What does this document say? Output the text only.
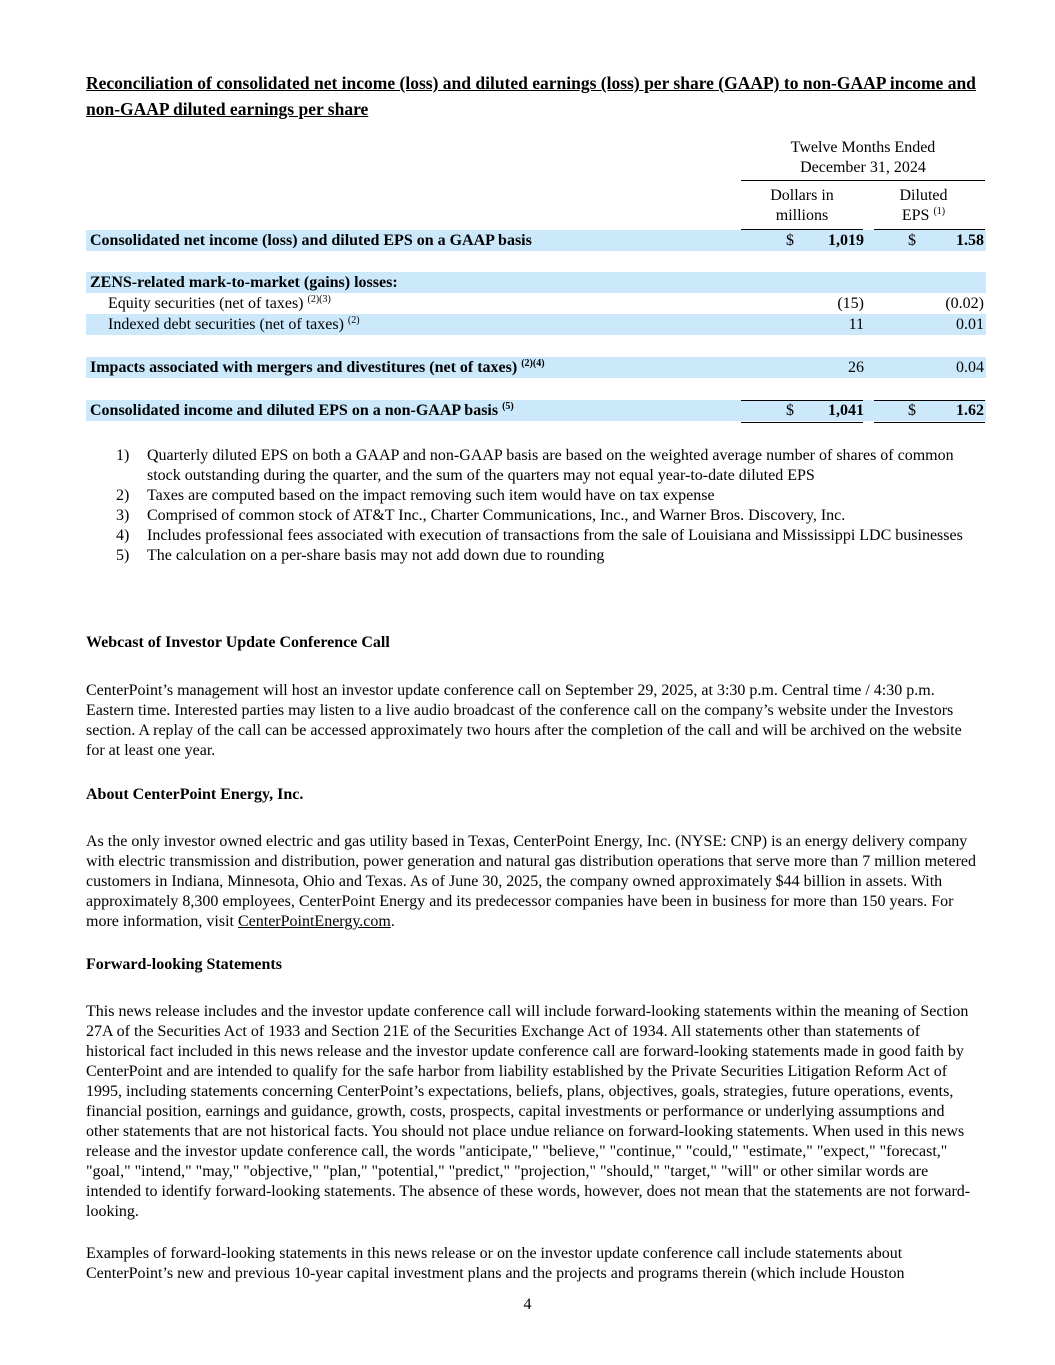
Reconciliation of consolidated net income (loss) and diluted earnings (loss) per share (GAAP) to non-GAAP income and non-GAAP diluted earnings per share
Twelve Months Ended
December 31, 2024
Dollars in
millions
Diluted
EPS $^{(1)}$
Consolidated net income (loss) and diluted EPS on a GAAP basis	$ 1,019	$	1.58
ZENS-related mark-to-market (gains) losses:
Equity securities (net of taxes) $^{(2)(3)}$	(15)	(0.02)
Indexed debt securities (net of taxes) $^{(2)}$	11	0.01
Impacts associated with mergers and divestitures (net of taxes) $^{(2)(4)}$	26	0.04
Consolidated income and diluted EPS on a non-GAAP basis $^{(5)}$	$ 1,041	$	1.62
1) Quarterly diluted EPS on both a GAAP and non-GAAP basis are based on the weighted average number of shares of common stock outstanding during the quarter, and the sum of the quarters may not equal year-to-date diluted EPS
2) Taxes are computed based on the impact removing such item would have on tax expense
3) Comprised of common stock of AT&T Inc., Charter Communications, Inc., and Warner Bros. Discovery, Inc.
4) Includes professional fees associated with execution of transactions from the sale of Louisiana and Mississippi LDC businesses
5) The calculation on a per-share basis may not add down due to rounding
Webcast of Investor Update Conference Call
CenterPoint’s management will host an investor update conference call on September 29, 2025, at 3:30 p.m. Central time / 4:30 p.m. Eastern time. Interested parties may listen to a live audio broadcast of the conference call on the company’s website under the Investors section. A replay of the call can be accessed approximately two hours after the completion of the call and will be archived on the website for at least one year.
About CenterPoint Energy, Inc.
As the only investor owned electric and gas utility based in Texas, CenterPoint Energy, Inc. (NYSE: CNP) is an energy delivery company with electric transmission and distribution, power generation and natural gas distribution operations that serve more than 7 million metered customers in Indiana, Minnesota, Ohio and Texas. As of June 30, 2025, the company owned approximately $44 billion in assets. With approximately 8,300 employees, CenterPoint Energy and its predecessor companies have been in business for more than 150 years. For more information, visit CenterPointEnergy.com.
Forward-looking Statements
This news release includes and the investor update conference call will include forward-looking statements within the meaning of Section 27A of the Securities Act of 1933 and Section 21E of the Securities Exchange Act of 1934. All statements other than statements of historical fact included in this news release and the investor update conference call are forward-looking statements made in good faith by CenterPoint and are intended to qualify for the safe harbor from liability established by the Private Securities Litigation Reform Act of 1995, including statements concerning CenterPoint’s expectations, beliefs, plans, objectives, goals, strategies, future operations, events, financial position, earnings and guidance, growth, costs, prospects, capital investments or performance or underlying assumptions and other statements that are not historical facts. You should not place undue reliance on forward-looking statements. When used in this news release and the investor update conference call, the words "anticipate," "believe," "continue," "could," "estimate," "expect," "forecast," "goal," "intend," "may," "objective," "plan," "potential," "predict," "projection," "should," "target," "will" or other similar words are intended to identify forward-looking statements. The absence of these words, however, does not mean that the statements are not forward-looking.
Examples of forward-looking statements in this news release or on the investor update conference call include statements about CenterPoint’s new and previous 10-year capital investment plans and the projects and programs therein (which include Houston
4
